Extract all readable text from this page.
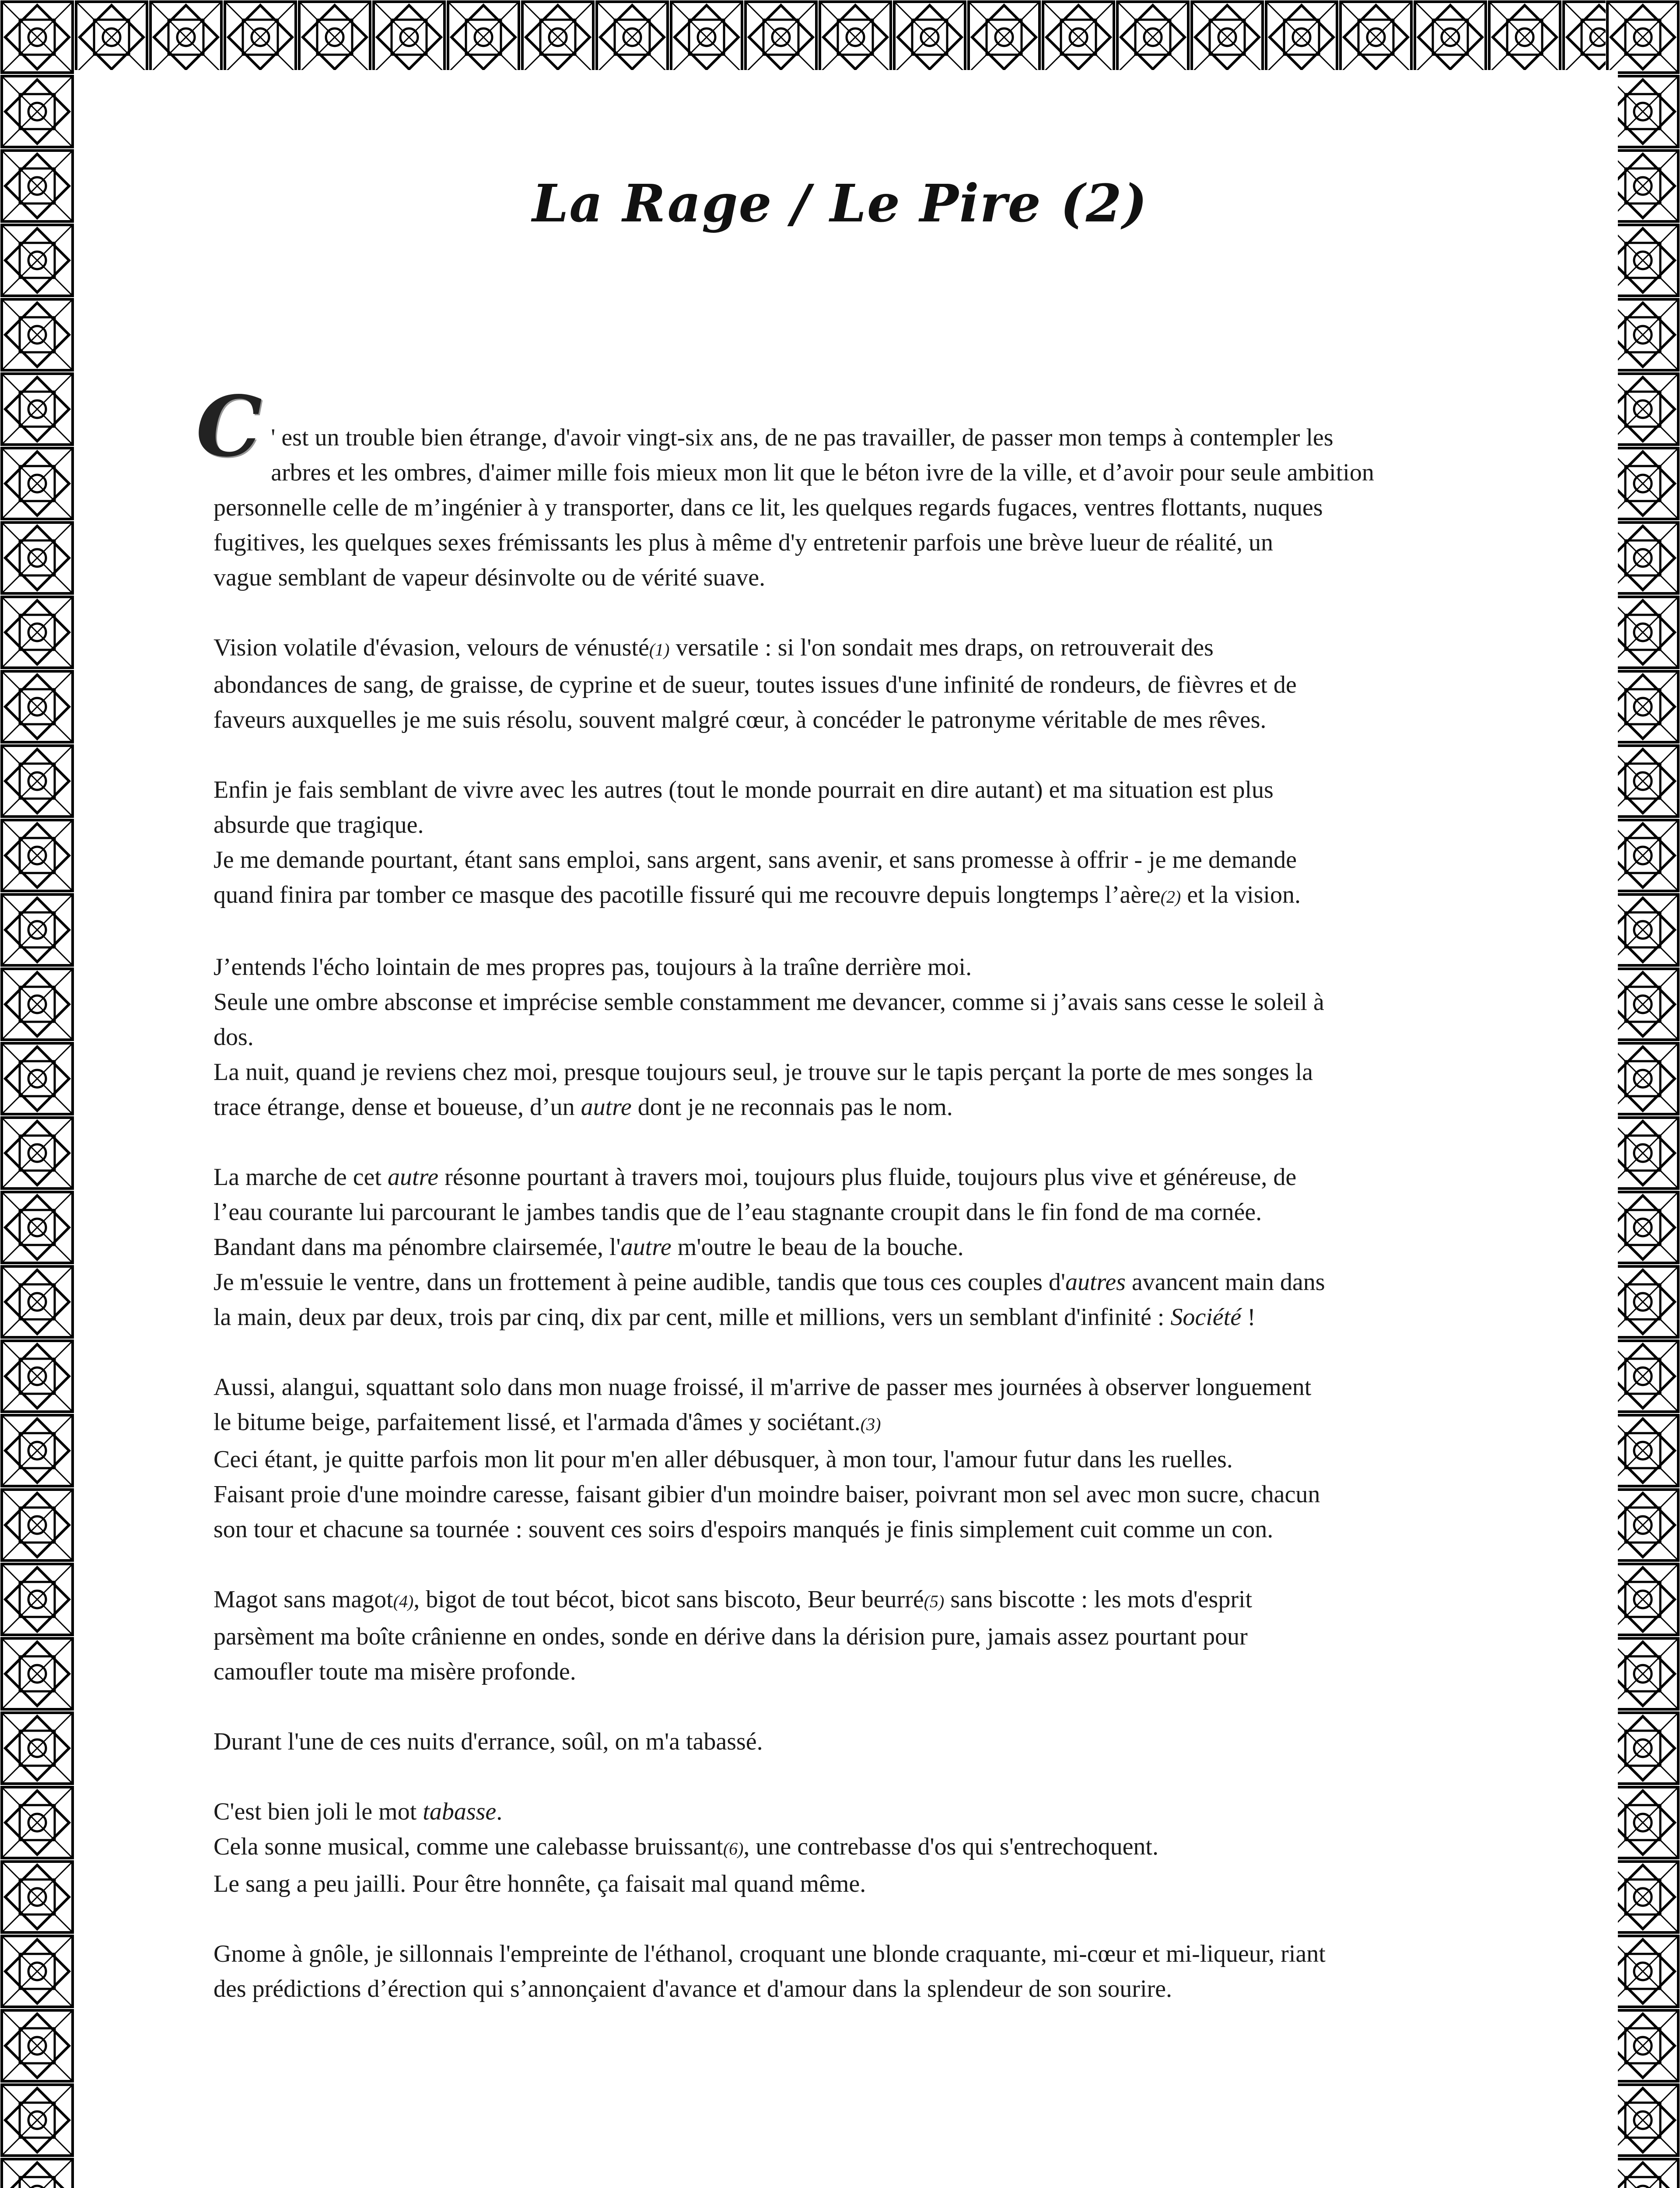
La Rage / Le Pire (2)

C ' est un trouble bien étrange, d'avoir vingt-six ans, de ne pas travailler, de passer mon temps à contempler les
arbres et les ombres, d'aimer mille fois mieux mon lit que le béton ivre de la ville, et d’avoir pour seule ambition
personnelle celle de m’ingénier à y transporter, dans ce lit, les quelques regards fugaces, ventres flottants, nuques
fugitives, les quelques sexes frémissants les plus à même d'y entretenir parfois une brève lueur de réalité, un
vague semblant de vapeur désinvolte ou de vérité suave.

Vision volatile d'évasion, velours de vénusté(1) versatile : si l'on sondait mes draps, on retrouverait des
abondances de sang, de graisse, de cyprine et de sueur, toutes issues d'une infinité de rondeurs, de fièvres et de
faveurs auxquelles je me suis résolu, souvent malgré cœur, à concéder le patronyme véritable de mes rêves.

Enfin je fais semblant de vivre avec les autres (tout le monde pourrait en dire autant) et ma situation est plus
absurde que tragique.
Je me demande pourtant, étant sans emploi, sans argent, sans avenir, et sans promesse à offrir - je me demande
quand finira par tomber ce masque des pacotille fissuré qui me recouvre depuis longtemps l’aère(2) et la vision.

J’entends l'écho lointain de mes propres pas, toujours à la traîne derrière moi.
Seule une ombre absconse et imprécise semble constamment me devancer, comme si j’avais sans cesse le soleil à
dos.
La nuit, quand je reviens chez moi, presque toujours seul, je trouve sur le tapis perçant la porte de mes songes la
trace étrange, dense et boueuse, d’un autre dont je ne reconnais pas le nom.

La marche de cet autre résonne pourtant à travers moi, toujours plus fluide, toujours plus vive et généreuse, de
l’eau courante lui parcourant le jambes tandis que de l’eau stagnante croupit dans le fin fond de ma cornée.
Bandant dans ma pénombre clairsemée, l'autre m'outre le beau de la bouche.
Je m'essuie le ventre, dans un frottement à peine audible, tandis que tous ces couples d'autres avancent main dans
la main, deux par deux, trois par cinq, dix par cent, mille et millions, vers un semblant d'infinité : Société !

Aussi, alangui, squattant solo dans mon nuage froissé, il m'arrive de passer mes journées à observer longuement
le bitume beige, parfaitement lissé, et l'armada d'âmes y sociétant.(3)
Ceci étant, je quitte parfois mon lit pour m'en aller débusquer, à mon tour, l'amour futur dans les ruelles.
Faisant proie d'une moindre caresse, faisant gibier d'un moindre baiser, poivrant mon sel avec mon sucre, chacun
son tour et chacune sa tournée : souvent ces soirs d'espoirs manqués je finis simplement cuit comme un con.

Magot sans magot(4), bigot de tout bécot, bicot sans biscoto, Beur beurré(5) sans biscotte : les mots d'esprit
parsèment ma boîte crânienne en ondes, sonde en dérive dans la dérision pure, jamais assez pourtant pour
camoufler toute ma misère profonde.

Durant l'une de ces nuits d'errance, soûl, on m'a tabassé.

C'est bien joli le mot tabasse.
Cela sonne musical, comme une calebasse bruissant(6), une contrebasse d'os qui s'entrechoquent.
Le sang a peu jailli. Pour être honnête, ça faisait mal quand même.

Gnome à gnôle, je sillonnais l'empreinte de l'éthanol, croquant une blonde craquante, mi-cœur et mi-liqueur, riant
des prédictions d’érection qui s’annonçaient d'avance et d'amour dans la splendeur de son sourire.
